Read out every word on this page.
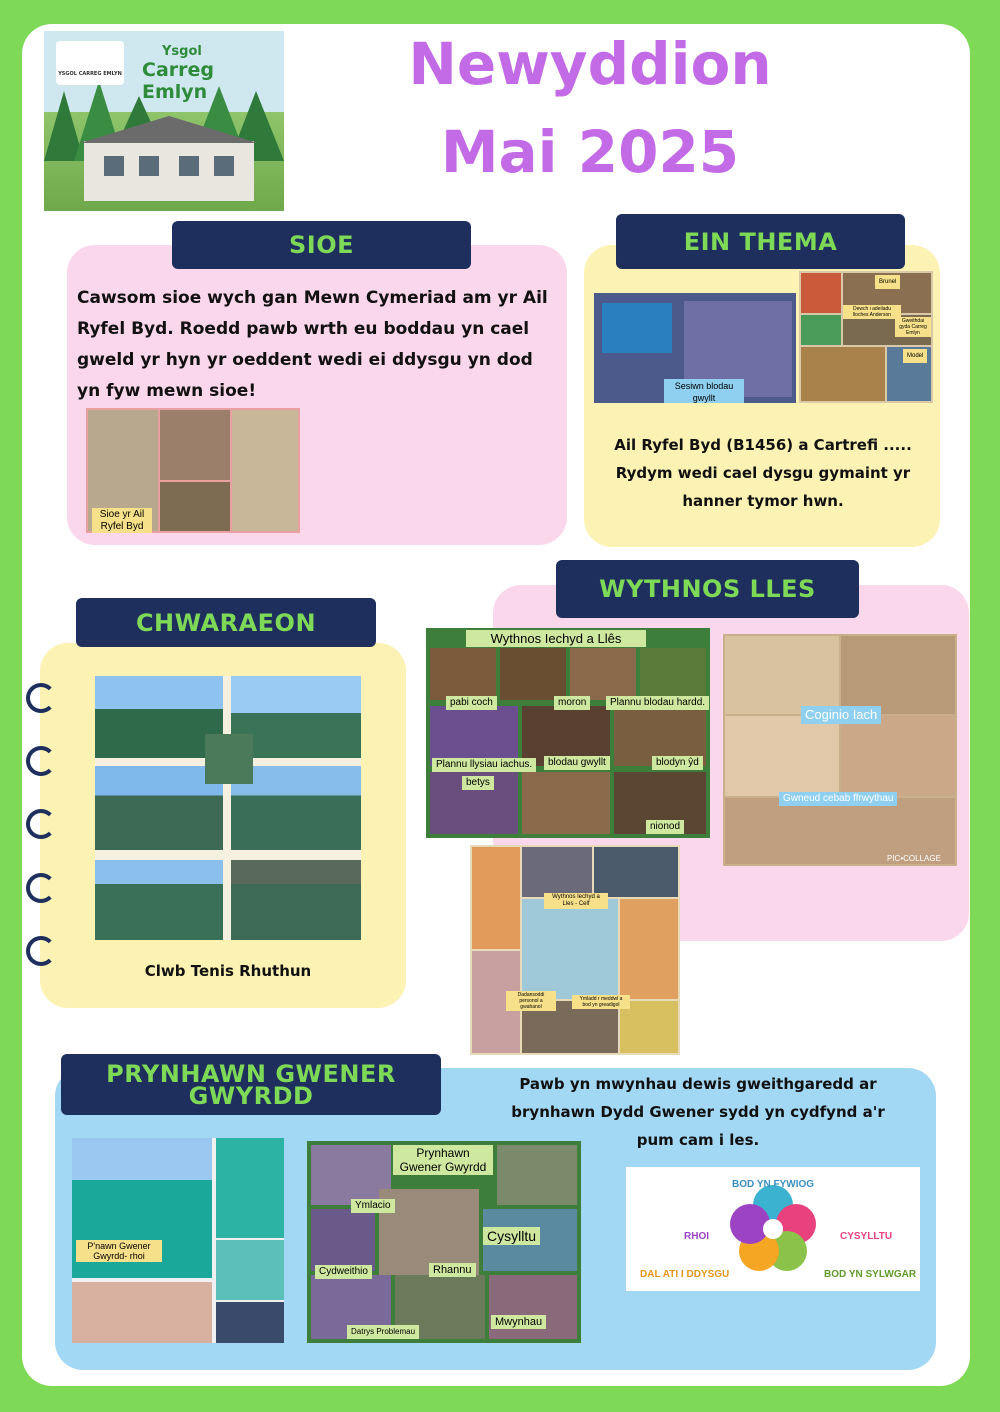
YSGOL CARREG EMLYN
Ysgol
Carreg Emlyn	Newyddion
Mai 2025
SIOE
Cawsom sioe wych gan Mewn Cymeriad am yr Ail Ryfel Byd. Roedd pawb wrth eu boddau yn cael gweld yr hyn yr oeddent wedi ei ddysgu yn dod yn fyw mewn sioe!
Sioe yr Ail Ryfel Byd
EIN THEMA
Sesiwn blodau gwyllt
Brunel
Dewch i adeiladu lloches Anderson
Gweithdai gyda Carreg Emlyn
Model
Ail Ryfel Byd (B1456) a Cartrefi ..... Rydym wedi cael dysgu gymaint yr hanner tymor hwn.
WYTHNOS LLES
Wythnos Iechyd a Llês
pabi coch	moron	Plannu blodau hardd.
Plannu llysiau iachus.	blodau gwyllt	blodyn ŷd
betys
nionod
Coginio Iach
Gwneud cebab ffrwythau
PIC•COLLAGE
Wythnos Iechyd a Lles - Celf
Dadansoddi personol a gwahanol
Ymladd r meddwl a bod yn greadigol
CHWARAEON
Clwb Tenis Rhuthun
PRYNHAWN GWENER GWYRDD	Pawb yn mwynhau dewis gweithgaredd ar brynhawn Dydd Gwener sydd yn cydfynd a'r pum cam i les.
P'nawn Gwener Gwyrdd- rhoi
Prynhawn Gwener Gwyrdd
Ymlacio
Cysylltu
Cydweithio	Rhannu
Mwynhau
Datrys Problemau
BOD YN FYWIOG
RHOI	CYSYLLTU
DAL ATI I DDYSGU	BOD YN SYLWGAR
